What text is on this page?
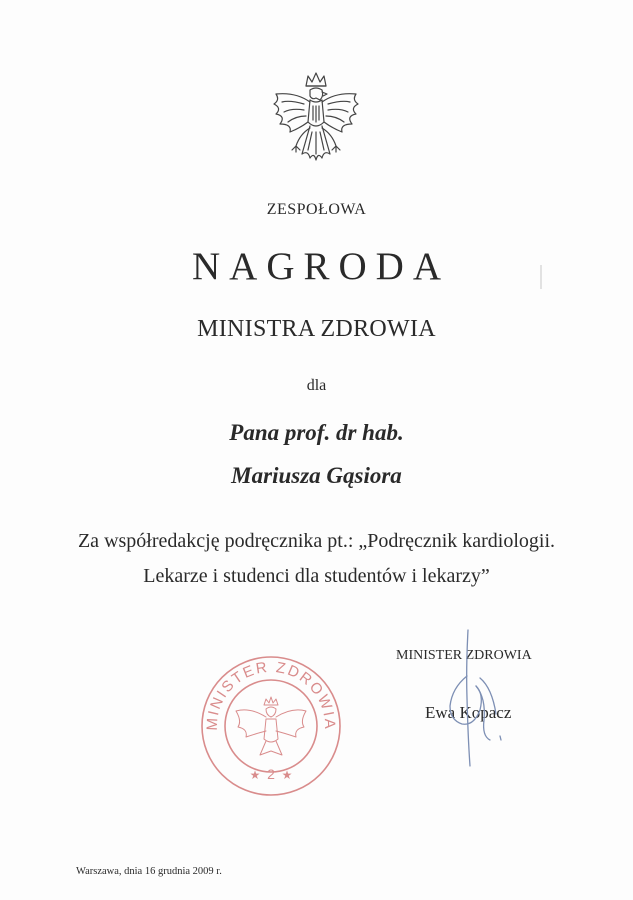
ZESPOŁOWA
NAGRODA
MINISTRA ZDROWIA
dla
Pana prof. dr hab.
Mariusza Gąsiora
Za współredakcję podręcznika pt.: „Podręcznik kardiologii.
Lekarze i studenci dla studentów i lekarzy”
MINISTER ZDROWIA
Ewa Kopacz
MINISTER ZDROWIA
2
★ ★
Warszawa, dnia 16 grudnia 2009 r.
